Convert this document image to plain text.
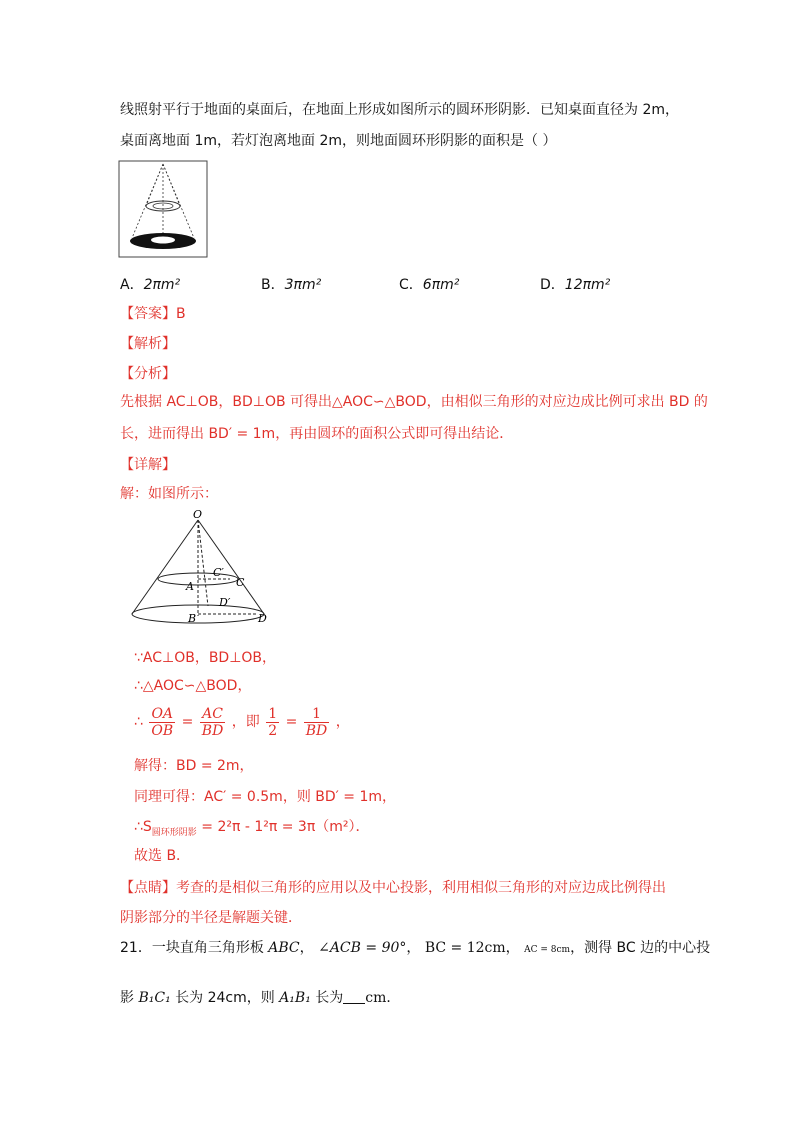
线照射平行于地面的桌面后，在地面上形成如图所示的圆环形阴影．已知桌面直径为 2m，
桌面离地面 1m，若灯泡离地面 2m，则地面圆环形阴影的面积是（ ）
A．2πm²	B．3πm²	C．6πm²	D．12πm²
【答案】B
【解析】
【分析】
先根据 AC⊥OB，BD⊥OB 可得出△AOC∽△BOD，由相似三角形的对应边成比例可求出 BD 的
长，进而得出 BD′ = 1m，再由圆环的面积公式即可得出结论．
【详解】
解：如图所示：
O
C′
A	C
D′
B	D
∵AC⊥OB，BD⊥OB，
∴△AOC∽△BOD，
∴ $\frac{OA}{OB} = \frac{AC}{BD}$ ，即 $\frac{1}{2} = \frac{1}{BD}$ ，
解得：BD = 2m，
同理可得：AC′ = 0.5m，则 BD′ = 1m，
$\therefore S_{圆环形阴影} = 2^2\pi - 1^2\pi = 3\pi(m^2)$．
故选 B．
【点睛】考查的是相似三角形的应用以及中心投影，利用相似三角形的对应边成比例得出
阴影部分的半径是解题关键．
21．一块直角三角形板 ABC， ∠ACB = 90°， BC = 12cm， AC = 8cm，测得 BC 边的中心投
影 B₁C₁ 长为 24cm，则 A₁B₁ 长为 cm．
